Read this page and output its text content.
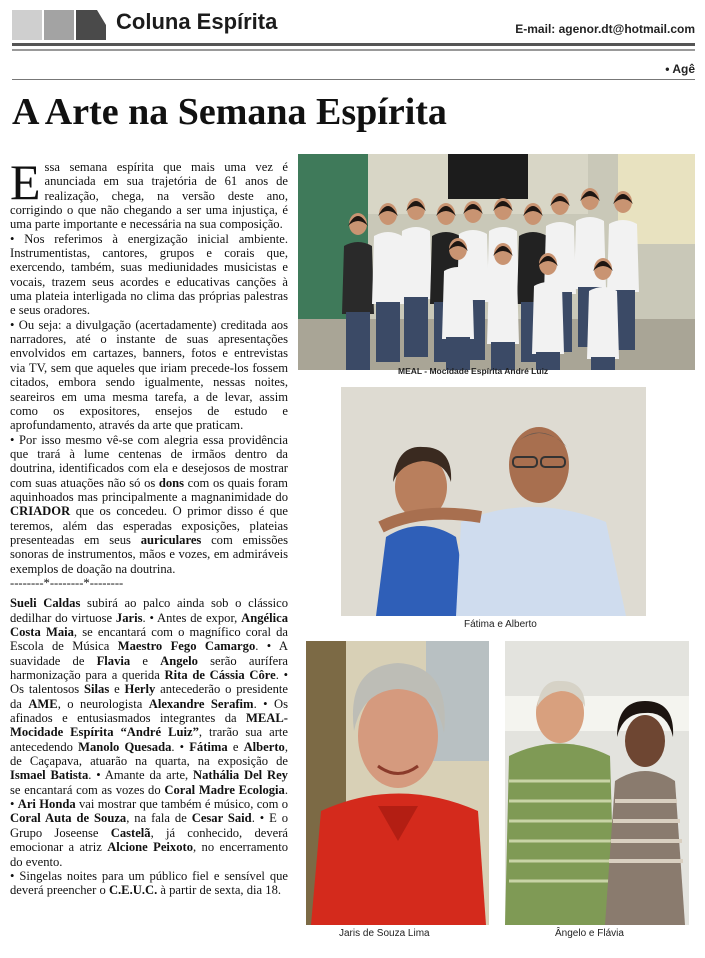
Coluna Espírita	E-mail: agenor.dt@hotmail.com
• Agê
A Arte na Semana Espírita

Essa semana espírita que mais uma vez é anunciada em sua trajetória de 61 anos de realização, chega, na versão deste ano, corrigindo o que não chegando a ser uma injustiça, é uma parte importante e necessária na sua composição.

• Nos referimos à energização inicial ambiente. Instrumentistas, cantores, grupos e corais que, exercendo, também, suas mediunidades musicistas e vocais, trazem seus acordes e educativas canções à uma plateia interligada no clima das próprias palestras e seus oradores.

• Ou seja: a divulgação (acertadamente) creditada aos narradores, até o instante de suas apresentações envolvidos em cartazes, banners, fotos e entrevistas via TV, sem que aqueles que iriam precede-los fossem citados, embora sendo igualmente, nessas noites, seareiros em uma mesma tarefa, a de levar, assim como os expositores, ensejos de estudo e aprofundamento, através da arte que praticam.

• Por isso mesmo vê-se com alegria essa providência que trará à lume centenas de irmãos dentro da doutrina, identificados com ela e desejosos de mostrar com suas atuações não só os dons com os quais foram aquinhoados mas principalmente a magnanimidade do CRIADOR que os concedeu. O primor disso é que teremos, além das esperadas exposições, plateias presenteadas em seus auriculares com emissões sonoras de instrumentos, mãos e vozes, em admiráveis exemplos de doação na doutrina.

--------*--------*--------

Sueli Caldas subirá ao palco ainda sob o clássico dedilhar do virtuose Jaris. • Antes de expor, Angélica Costa Maia, se encantará com o magnífico coral da Escola de Música Maestro Fego Camargo. • A suavidade de Flavia e Angelo serão aurífera harmonização para a querida Rita de Cássia Côre. • Os talentosos Silas e Herly antecederão o presidente da AME, o neurologista Alexandre Serafim. • Os afinados e entusiasmados integrantes da MEAL-Mocidade Espírita “André Luiz”, trarão sua arte antecedendo Manolo Quesada. • Fátima e Alberto, de Caçapava, atuarão na quarta, na exposição de Ismael Batista. • Amante da arte, Nathália Del Rey se encantará com as vozes do Coral Madre Ecologia. • Ari Honda vai mostrar que também é músico, com o Coral Auta de Souza, na fala de Cesar Said. • E o Grupo Joseense Castelã, já conhecido, deverá emocionar a atriz Alcione Peixoto, no encerramento do evento.

• Singelas noites para um público fiel e sensível que deverá preencher o C.E.U.C. à partir de sexta, dia 18.

MEAL - Mocidade Espírita André Luiz
Fátima e Alberto
Jaris de Souza Lima	Ângelo e Flávia
